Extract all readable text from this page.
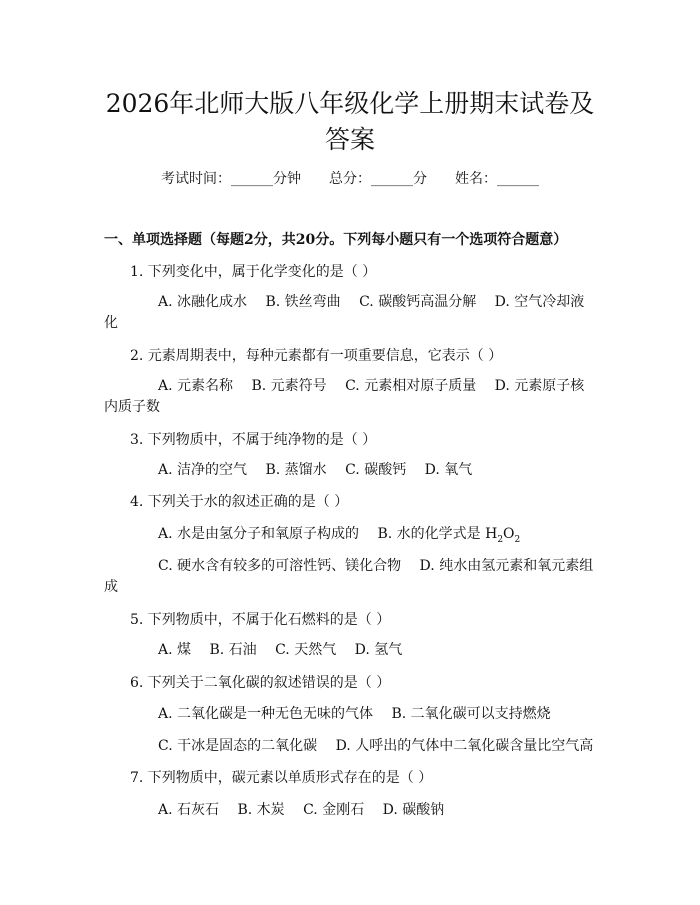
2026年北师大版八年级化学上册期末试卷及答案
考试时间：______分钟　　总分：______分　　姓名：______
一、单项选择题（每题2分，共20分。下列每小题只有一个选项符合题意）
1. 下列变化中，属于化学变化的是（ ）
A. 冰融化成水　 B. 铁丝弯曲　 C. 碳酸钙高温分解　 D. 空气冷却液
化
2. 元素周期表中，每种元素都有一项重要信息，它表示（ ）
A. 元素名称　 B. 元素符号　 C. 元素相对原子质量　 D. 元素原子核
内质子数
3. 下列物质中，不属于纯净物的是（ ）
A. 洁净的空气　 B. 蒸馏水　 C. 碳酸钙　 D. 氧气
4. 下列关于水的叙述正确的是（ ）
A. 水是由氢分子和氧原子构成的　 B. 水的化学式是 $H_2O_2$
C. 硬水含有较多的可溶性钙、镁化合物　 D. 纯水由氢元素和氧元素组
成
5. 下列物质中，不属于化石燃料的是（ ）
A. 煤　 B. 石油　 C. 天然气　 D. 氢气
6. 下列关于二氧化碳的叙述错误的是（ ）
A. 二氧化碳是一种无色无味的气体　 B. 二氧化碳可以支持燃烧
C. 干冰是固态的二氧化碳　 D. 人呼出的气体中二氧化碳含量比空气高
7. 下列物质中，碳元素以单质形式存在的是（ ）
A. 石灰石　 B. 木炭　 C. 金刚石　 D. 碳酸钠
